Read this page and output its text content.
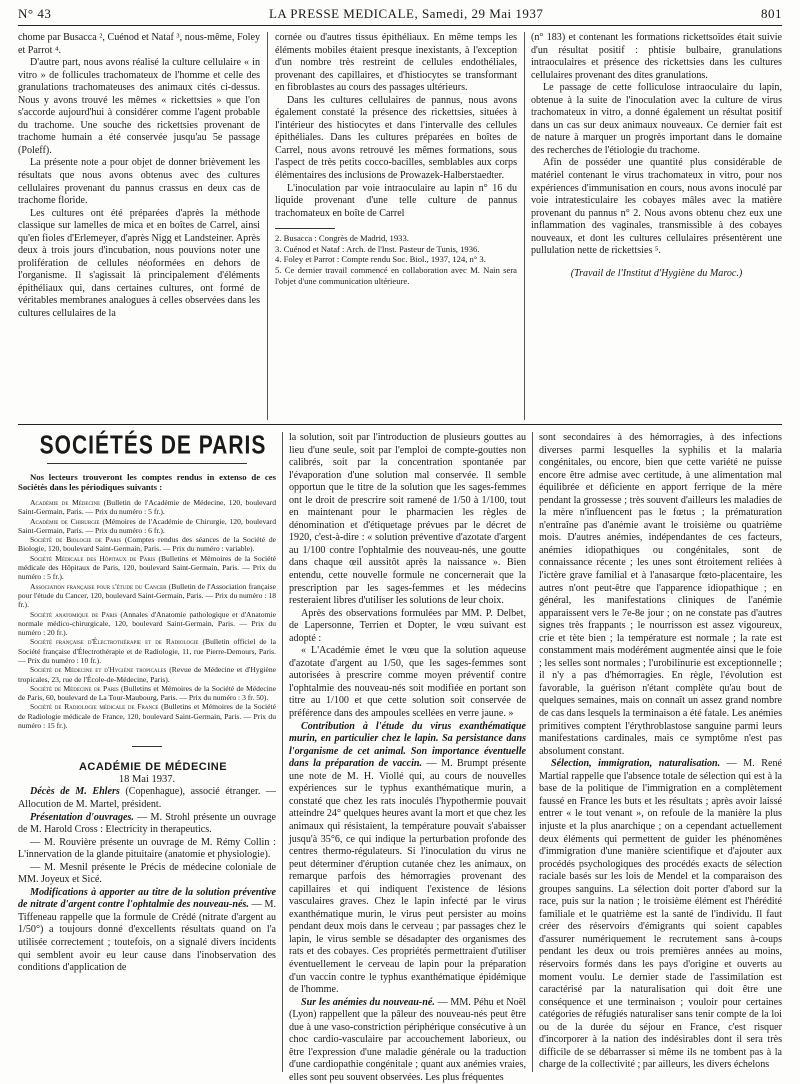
N° 43	LA PRESSE MEDICALE, Samedi, 29 Mai 1937	801

chome par Busacca ², Cuénod et Nataf ³, nous-même, Foley et Parrot ⁴.

D'autre part, nous avons réalisé la culture cellulaire « in vitro » de follicules trachomateux de l'homme et celle des granulations trachomateuses des animaux cités ci-dessus. Nous y avons trouvé les mêmes « rickettsies » que l'on s'accorde aujourd'hui à considérer comme l'agent probable du trachome. Une souche des rickettsies provenant de trachome humain a été conservée jusqu'au 5e passage (Poleff).

La présente note a pour objet de donner brièvement les résultats que nous avons obtenus avec des cultures cellulaires provenant du pannus crassus en deux cas de trachome floride.

Les cultures ont été préparées d'après la méthode classique sur lamelles de mica et en boîtes de Carrel, ainsi qu'en fioles d'Erlemeyer, d'après Nigg et Landsteiner. Après deux à trois jours d'incubation, nous pouvions noter une prolifération de cellules néoformées en dehors de l'organisme. Il s'agissait là principalement d'éléments épithéliaux qui, dans certaines cultures, ont formé de véritables membranes analogues à celles observées dans les cultures cellulaires de la

cornée ou d'autres tissus épithéliaux. En même temps les éléments mobiles étaient presque inexistants, à l'exception d'un nombre très restreint de cellules endothéliales, provenant des capillaires, et d'histiocytes se transformant en fibroblastes au cours des passages ultérieurs.

Dans les cultures cellulaires de pannus, nous avons également constaté la présence des rickettsies, situées à l'intérieur des histiocytes et dans l'intervalle des cellules épithéliales. Dans les cultures préparées en boîtes de Carrel, nous avons retrouvé les mêmes formations, sous l'aspect de très petits cocco-bacilles, semblables aux corps élémentaires des inclusions de Prowazek-Halberstaedter.

L'inoculation par voie intraoculaire au lapin n° 16 du liquide provenant d'une telle culture de pannus trachomateux en boîte de Carrel

2. Busacca : Congrès de Madrid, 1933.

3. Cuénod et Nataf : Arch. de l'Inst. Pasteur de Tunis, 1936.

4. Foley et Parrot : Compte rendu Soc. Biol., 1937, 124, n° 3.

5. Ce dernier travail commencé en collaboration avec M. Nain sera l'objet d'une communication ultérieure.

(n° 183) et contenant les formations rickettsoïdes était suivie d'un résultat positif : phtisie bulbaire, granulations intraoculaires et présence des rickettsies dans les cultures cellulaires provenant des dites granulations.

Le passage de cette folliculose intraoculaire du lapin, obtenue à la suite de l'inoculation avec la culture de virus trachomateux in vitro, a donné également un résultat positif dans un cas sur deux animaux nouveaux. Ce dernier fait est de nature à marquer un progrès important dans le domaine des recherches de l'étiologie du trachome.

Afin de posséder une quantité plus considérable de matériel contenant le virus trachomateux in vitro, pour nos expériences d'immunisation en cours, nous avons inoculé par voie intratesticulaire les cobayes mâles avec la matière provenant du pannus n° 2. Nous avons obtenu chez eux une inflammation des vaginales, transmissible à des cobayes nouveaux, et dont les cultures cellulaires présentèrent une pullulation nette de rickettsies ⁵.

(Travail de l'Institut d'Hygiène du Maroc.)

SOCIÉTÉS DE PARIS

Nos lecteurs trouveront les comptes rendus in extenso de ces Sociétés dans les périodiques suivants :

Académie de Médecine (Bulletin de l'Académie de Médecine, 120, boulevard Saint-Germain, Paris. — Prix du numéro : 5 fr.).

Académie de Chirurgie (Mémoires de l'Académie de Chirurgie, 120, boulevard Saint-Germain, Paris. — Prix du numéro : 6 fr.).

Société de Biologie de Paris (Comptes rendus des séances de la Société de Biologie, 120, boulevard Saint-Germain, Paris. — Prix du numéro : variable).

Société Médicale des Hôpitaux de Paris (Bulletins et Mémoires de la Société médicale des Hôpitaux de Paris, 120, boulevard Saint-Germain, Paris. — Prix du numéro : 5 fr.).

Association française pour l'étude du Cancer (Bulletin de l'Association française pour l'étude du Cancer, 120, boulevard Saint-Germain, Paris. — Prix du numéro : 18 fr.).

Société anatomique de Paris (Annales d'Anatomie pathologique et d'Anatomie normale médico-chirurgicale, 120, boulevard Saint-Germain, Paris. — Prix du numéro : 20 fr.).

Société française d'Électrothérapie et de Radiologie (Bulletin officiel de la Société française d'Électrothérapie et de Radiologie, 11, rue Pierre-Demours, Paris. — Prix du numéro : 10 fr.).

Société de Médecine et d'Hygiène tropicales (Revue de Médecine et d'Hygiène tropicales, 23, rue de l'École-de-Médecine, Paris).

Société de Médecine de Paris (Bulletins et Mémoires de la Société de Médecine de Paris, 60, boulevard de La Tour-Maubourg, Paris. — Prix du numéro : 3 fr. 50).

Société de Radiologie médicale de France (Bulletins et Mémoires de la Société de Radiologie médicale de France, 120, boulevard Saint-Germain, Paris. — Prix du numéro : 15 fr.).

ACADÉMIE DE MÉDECINE

18 Mai 1937.

Décès de M. Ehlers (Copenhague), associé étranger. — Allocution de M. Martel, président.

Présentation d'ouvrages. — M. Strohl présente un ouvrage de M. Harold Cross : Electricity in therapeutics.

— M. Rouvière présente un ouvrage de M. Rémy Collin : L'innervation de la glande pituitaire (anatomie et physiologie).

— M. Mesnil présente le Précis de médecine coloniale de MM. Joyeux et Sicé.

Modifications à apporter au titre de la solution préventive de nitrate d'argent contre l'ophtalmie des nouveau-nés. — M. Tiffeneau rappelle que la formule de Crédé (nitrate d'argent au 1/50°) a toujours donné d'excellents résultats quand on l'a utilisée correctement ; toutefois, on a signalé divers incidents qui semblent avoir eu leur cause dans l'inobservation des conditions d'application de

la solution, soit par l'introduction de plusieurs gouttes au lieu d'une seule, soit par l'emploi de compte-gouttes non calibrés, soit par la concentration spontanée par l'évaporation d'une solution mal conservée. Il semble opportun que le titre de la solution que les sages-femmes ont le droit de prescrire soit ramené de 1/50 à 1/100, tout en maintenant pour le pharmacien les règles de dénomination et d'étiquetage prévues par le décret de 1920, c'est-à-dire : « solution préventive d'azotate d'argent au 1/100 contre l'ophtalmie des nouveau-nés, une goutte dans chaque œil aussitôt après la naissance ». Bien entendu, cette nouvelle formule ne concernerait que la prescription par les sages-femmes et les médecins resteraient libres d'utiliser les solutions de leur choix.

Après des observations formulées par MM. P. Delbet, de Lapersonne, Terrien et Dopter, le vœu suivant est adopté :

« L'Académie émet le vœu que la solution aqueuse d'azotate d'argent au 1/50, que les sages-femmes sont autorisées à prescrire comme moyen préventif contre l'ophtalmie des nouveau-nés soit modifiée en portant son titre au 1/100 et que cette solution soit conservée de préférence dans des ampoules scellées en verre jaune. »

Contribution à l'étude du virus exanthématique murin, en particulier chez le lapin. Sa persistance dans l'organisme de cet animal. Son importance éventuelle dans la préparation de vaccin. — M. Brumpt présente une note de M. H. Viollé qui, au cours de nouvelles expériences sur le typhus exanthématique murin, a constaté que chez les rats inoculés l'hypothermie pouvait atteindre 24° quelques heures avant la mort et que chez les animaux qui résistaient, la température pouvait s'abaisser jusqu'à 35°6, ce qui indique la perturbation profonde des centres thermo-régulateurs. Si l'inoculation du virus ne peut déterminer d'éruption cutanée chez les animaux, on remarque parfois des hémorragies provenant des capillaires et qui indiquent l'existence de lésions vasculaires graves. Chez le lapin infecté par le virus exanthématique murin, le virus peut persister au moins pendant deux mois dans le cerveau ; par passages chez le lapin, le virus semble se désadapter des organismes des rats et des cobayes. Ces propriétés permettraient d'utiliser éventuellement le cerveau de lapin pour la préparation d'un vaccin contre le typhus exanthématique épidémique de l'homme.

Sur les anémies du nouveau-né. — MM. Péhu et Noël (Lyon) rappellent que la pâleur des nouveau-nés peut être due à une vaso-constriction périphérique consécutive à un choc cardio-vasculaire par accouchement laborieux, ou être l'expression d'une maladie générale ou la traduction d'une cardiopathie congénitale ; quant aux anémies vraies, elles sont peu souvent observées. Les plus fréquentes

sont secondaires à des hémorragies, à des infections diverses parmi lesquelles la syphilis et la malaria congénitales, ou encore, bien que cette variété ne puisse encore être admise avec certitude, à une alimentation mal équilibrée et déficiente en apport ferrique de la mère pendant la grossesse ; très souvent d'ailleurs les maladies de la mère n'influencent pas le fœtus ; la prématuration n'entraîne pas d'anémie avant le troisième ou quatrième mois. D'autres anémies, indépendantes de ces facteurs, anémies idiopathiques ou congénitales, sont de connaissance récente ; les unes sont étroitement reliées à l'ictère grave familial et à l'anasarque fœto-placentaire, les autres n'ont peut-être que l'apparence idiopathique ; en général, les manifestations cliniques de l'anémie apparaissent vers le 7e-8e jour ; on ne constate pas d'autres signes très frappants ; le nourrisson est assez vigoureux, crie et tète bien ; la température est normale ; la rate est constamment mais modérément augmentée ainsi que le foie ; les selles sont normales ; l'urobilinurie est exceptionnelle ; il n'y a pas d'hémorragies. En règle, l'évolution est favorable, la guérison n'étant complète qu'au bout de quelques semaines, mais on connaît un assez grand nombre de cas dans lesquels la terminaison a été fatale. Les anémies primitives comptent l'érythroblastose sanguine parmi leurs manifestations cardinales, mais ce symptôme n'est pas absolument constant.

Sélection, immigration, naturalisation. — M. René Martial rappelle que l'absence totale de sélection qui est à la base de la politique de l'immigration en a complètement faussé en France les buts et les résultats ; après avoir laissé entrer « le tout venant », on refoule de la manière la plus injuste et la plus anarchique ; on a cependant actuellement deux éléments qui permettent de guider les phénomènes d'immigration d'une manière scientifique et d'ajouter aux procédés psychologiques des procédés exacts de sélection raciale basés sur les lois de Mendel et la comparaison des groupes sanguins. La sélection doit porter d'abord sur la race, puis sur la nation ; le troisième élément est l'hérédité familiale et le quatrième est la santé de l'individu. Il faut créer des réservoirs d'émigrants qui soient capables d'assurer numériquement le recrutement sans à-coups pendant les deux ou trois premières années au moins, réservoirs formés dans les pays d'origine et ouverts au moment voulu. Le dernier stade de l'assimilation est caractérisé par la naturalisation qui doit être une conséquence et une terminaison ; vouloir pour certaines catégories de réfugiés naturaliser sans tenir compte de la loi ou de la durée du séjour en France, c'est risquer d'incorporer à la nation des indésirables dont il sera très difficile de se débarrasser si même ils ne tombent pas à la charge de la collectivité ; par ailleurs, les divers échelons
